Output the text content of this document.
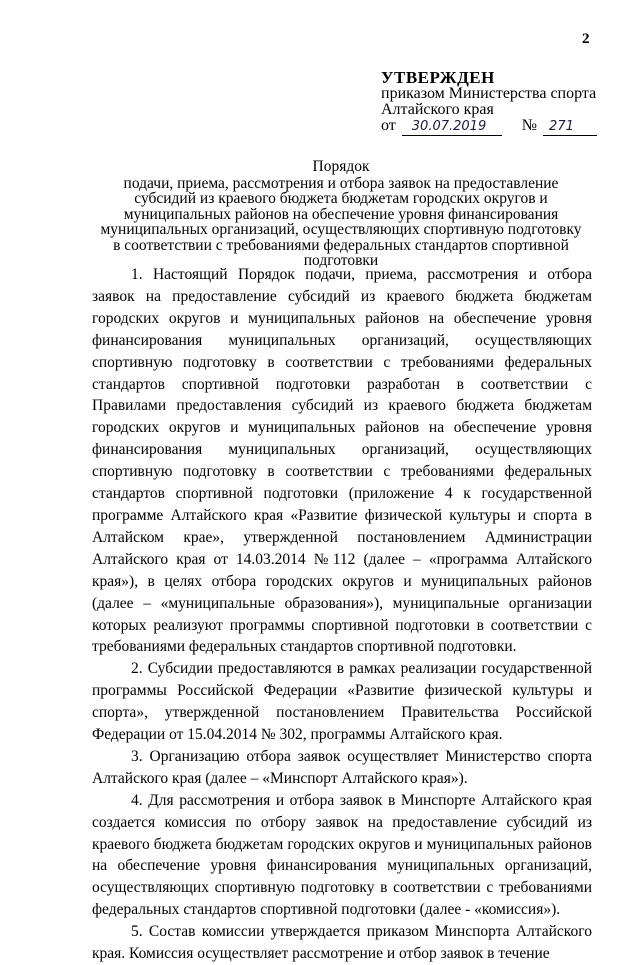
2
УТВЕРЖДЕН
приказом Министерства спорта
Алтайского края
от	30.07.2019	№ 271
Порядок
подачи, приема, рассмотрения и отбора заявок на предоставление субсидий из краевого бюджета бюджетам городских округов и муниципальных районов на обеспечение уровня финансирования муниципальных организаций, осуществляющих спортивную подготовку в соответствии с требованиями федеральных стандартов спортивной подготовки

1. Настоящий Порядок подачи, приема, рассмотрения и отбора заявок на предоставление субсидий из краевого бюджета бюджетам городских округов и муниципальных районов на обеспечение уровня финансирования муниципальных организаций, осуществляющих спортивную подготовку в соответствии с требованиями федеральных стандартов спортивной подготовки разработан в соответствии с Правилами предоставления субсидий из краевого бюджета бюджетам городских округов и муниципальных районов на обеспечение уровня финансирования муниципальных организаций, осуществляющих спортивную подготовку в соответствии с требованиями федеральных стандартов спортивной подготовки (приложение 4 к государственной программе Алтайского края «Развитие физической культуры и спорта в Алтайском крае», утвержденной постановлением Администрации Алтайского края от 14.03.2014 №112 (далее – «программа Алтайского края»), в целях отбора городских округов и муниципальных районов (далее – «муниципальные образования»), муниципальные организации которых реализуют программы спортивной подготовки в соответствии с требованиями федеральных стандартов спортивной подготовки.

2. Субсидии предоставляются в рамках реализации государственной программы Российской Федерации «Развитие физической культуры и спорта», утвержденной постановлением Правительства Российской Федерации от 15.04.2014 № 302, программы Алтайского края.

3. Организацию отбора заявок осуществляет Министерство спорта Алтайского края (далее – «Минспорт Алтайского края»).

4. Для рассмотрения и отбора заявок в Минспорте Алтайского края создается комиссия по отбору заявок на предоставление субсидий из краевого бюджета бюджетам городских округов и муниципальных районов на обеспечение уровня финансирования муниципальных организаций, осуществляющих спортивную подготовку в соответствии с требованиями федеральных стандартов спортивной подготовки (далее - «комиссия»).

5. Состав комиссии утверждается приказом Минспорта Алтайского края. Комиссия осуществляет рассмотрение и отбор заявок в течение
